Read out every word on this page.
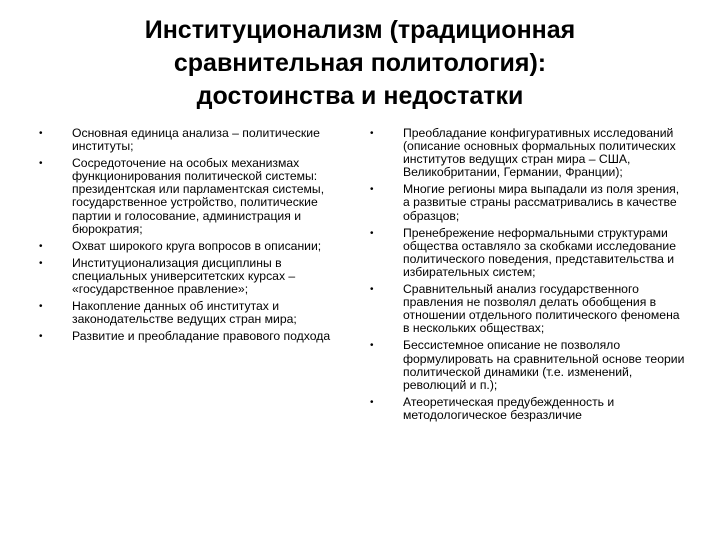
Институционализм (традиционная
сравнительная политология):
достоинства и недостатки
• Основная единица анализа – политические институты;
• Сосредоточение на особых механизмах функционирования политической системы: президентская или парламентская системы, государственное устройство, политические партии и голосование, администрация и бюрократия;
• Охват широкого круга вопросов в описании;
• Институционализация дисциплины в специальных университетских курсах – «государственное правление»;
• Накопление данных об институтах и законодательстве ведущих стран мира;
• Развитие и преобладание правового подхода
• Преобладание конфигуративных исследований (описание основных формальных политических институтов ведущих стран мира – США, Великобритании, Германии, Франции);
• Многие регионы мира выпадали из поля зрения, а развитые страны рассматривались в качестве образцов;
• Пренебрежение неформальными структурами общества оставляло за скобками исследование политического поведения, представительства и избирательных систем;
• Сравнительный анализ государственного правления не позволял делать обобщения в отношении отдельного политического феномена в нескольких обществах;
• Бессистемное описание не позволяло формулировать на сравнительной основе теории политической динамики (т.е. изменений, революций и п.);
• Атеоретическая предубежденность и методологическое безразличие
